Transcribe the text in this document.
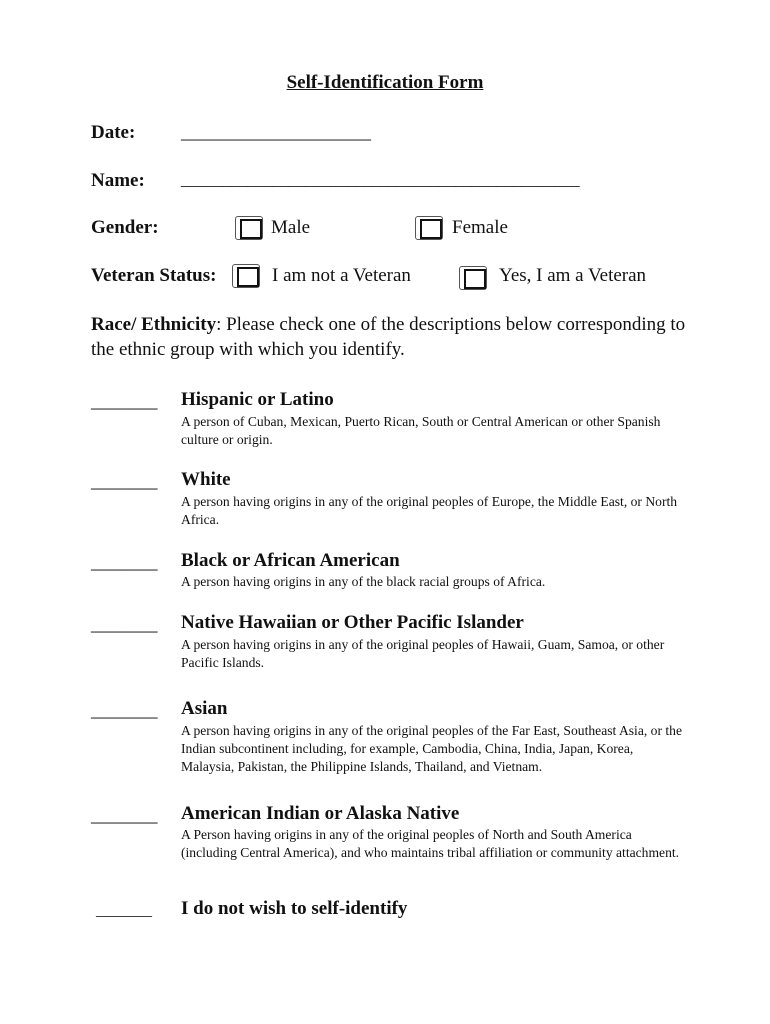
Self-Identification Form
Date: ____________________
Name: ________________________________________________
Gender:	Male	Female
Veteran Status:	I am not a Veteran	Yes, I am a Veteran
Race/ Ethnicity: Please check one of the descriptions below corresponding to the ethnic group with which you identify.
_______ Hispanic or Latino
A person of Cuban, Mexican, Puerto Rican, South or Central American or other Spanish culture or origin.
_______ White
A person having origins in any of the original peoples of Europe, the Middle East, or North Africa.
_______ Black or African American
A person having origins in any of the black racial groups of Africa.
_______ Native Hawaiian or Other Pacific Islander
A person having origins in any of the original peoples of Hawaii, Guam, Samoa, or other Pacific Islands.
_______ Asian
A person having origins in any of the original peoples of the Far East, Southeast Asia, or the Indian subcontinent including, for example, Cambodia, China, India, Japan, Korea, Malaysia, Pakistan, the Philippine Islands, Thailand, and Vietnam.
_______ American Indian or Alaska Native
A Person having origins in any of the original peoples of North and South America (including Central America), and who maintains tribal affiliation or community attachment.
_______ I do not wish to self-identify
